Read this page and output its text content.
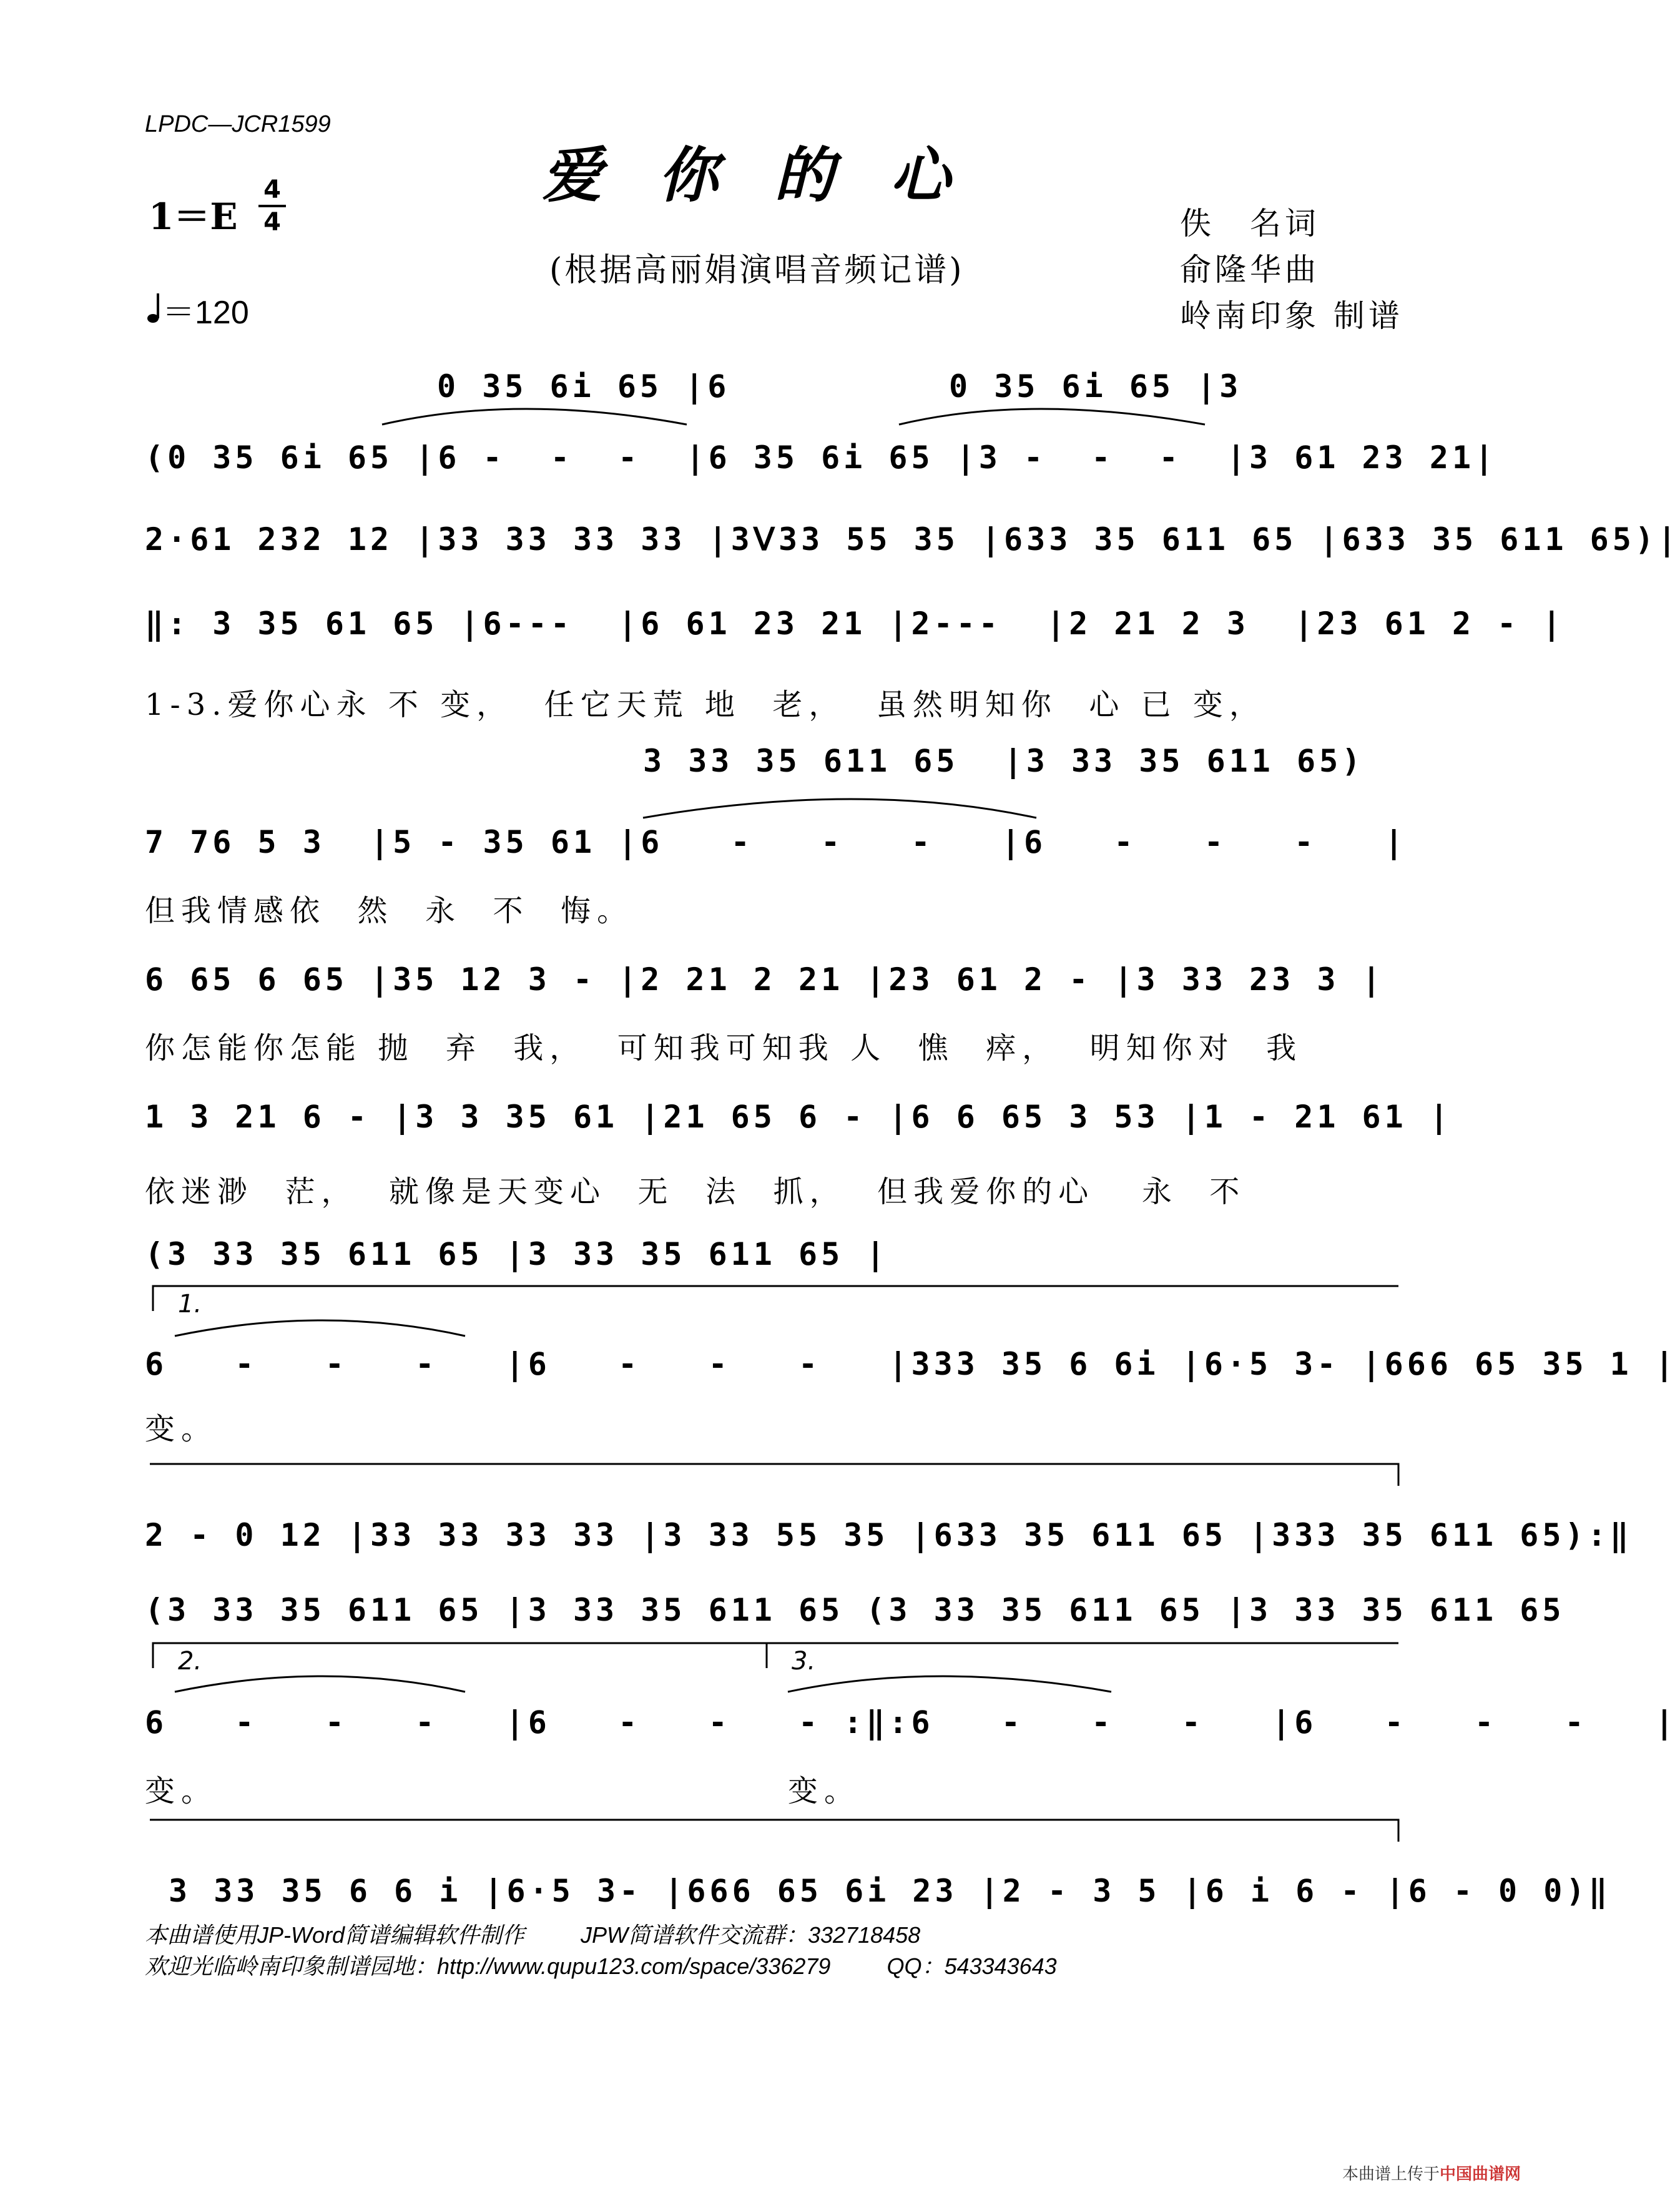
LPDC—JCR1599
爱你的心
1＝E
4
4
(根据高丽娟演唱音频记谱)
佚　名词
俞隆华曲
岭南印象 制谱
＝120
0 35 6i 65 |6	0 35 6i 65 |3
(0 35 6i 65 |6 -  -  -  |6 35 6i 65 |3 -  -  -  |3 61 23 21|
2·61 232 12 |33 33 33 33 |3ᐯ33 55 35 |633 35 611 65 |633 35 611 65)|
‖: 3 35 61 65 |6---  |6 61 23 21 |2---  |2 21 2 3  |23 61 2 - |
3 33 35 611 65  |3 33 35 611 65)
7 76 5 3  |5 - 35 61 |6   -   -   -   |6   -   -   -   |
6 65 6 65 |35 12 3 - |2 21 2 21 |23 61 2 - |3 33 23 3 |
1 3 21 6 - |3 3 35 61 |21 65 6 - |6 6 65 3 53 |1 - 21 61 |
(3 33 35 611 65 |3 33 35 611 65 |
6   -   -   -   |6   -   -   -   |333 35 6 6i |6·5 3- |666 65 35 1 |
2 - 0 12 |33 33 33 33 |3 33 55 35 |633 35 611 65 |333 35 611 65):‖
(3 33 35 611 65 |3 33 35 611 65 (3 33 35 611 65 |3 33 35 611 65
6   -   -   -   |6   -   -   - :‖:6   -   -   -   |6   -   -   -   |
3 33 35 6 6 i |6·5 3- |666 65 6i 23 |2 - 3 5 |6 i 6 - |6 - 0 0)‖
1-3.爱你心永 不 变，  任它天荒 地  老，  虽然明知你  心 已 变，
但我情感依  然  永  不  悔。
你怎能你怎能 抛  弃  我，  可知我可知我 人  憔  瘁，  明知你对  我
依迷渺  茫，  就像是天变心  无  法  抓，  但我爱你的心   永  不
变。
变。	变。
1.
2.	3.
本曲谱使用JP-Word简谱编辑软件制作	JPW简谱软件交流群：332718458
欢迎光临岭南印象制谱园地：http://www.qupu123.com/space/336279	QQ：543343643
本曲谱上传于中国曲谱网
